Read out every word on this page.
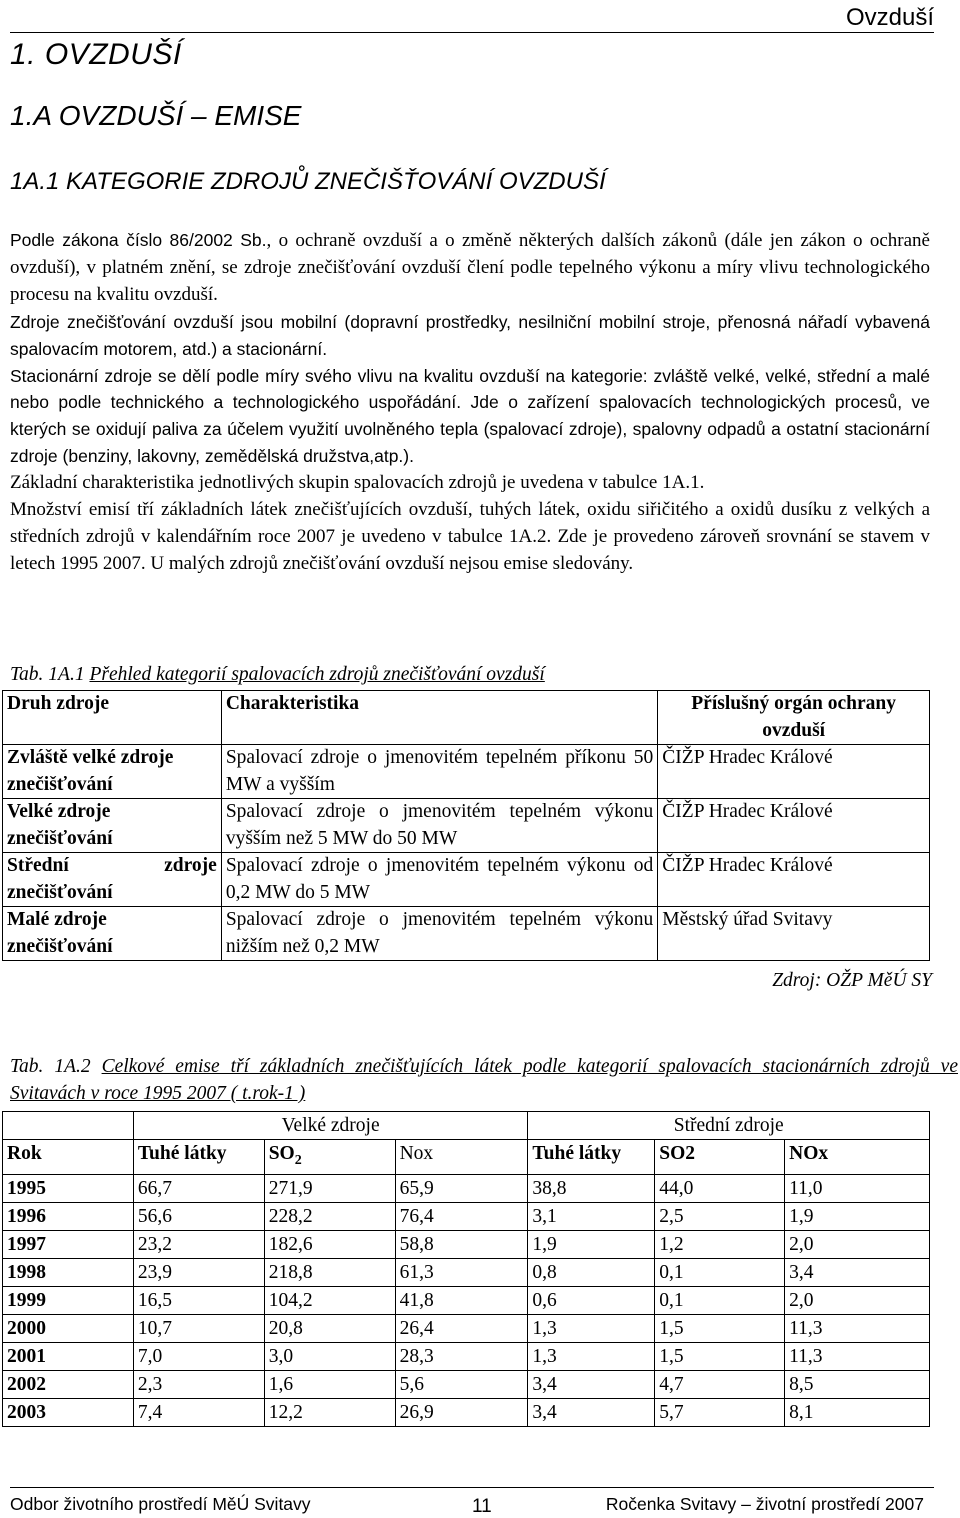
Ovzduší
1. OVZDUŠÍ
1.A OVZDUŠÍ – EMISE
1A.1 KATEGORIE ZDROJŮ ZNEČIŠŤOVÁNÍ OVZDUŠÍ

Podle zákona číslo 86/2002 Sb., o ochraně ovzduší a o změně některých dalších zákonů (dále jen zákon o ochraně ovzduší), v platném znění, se zdroje znečišťování ovzduší člení podle tepelného výkonu a míry vlivu technologického procesu na kvalitu ovzduší.

Zdroje znečišťování ovzduší jsou mobilní (dopravní prostředky, nesilniční mobilní stroje, přenosná nářadí vybavená spalovacím motorem, atd.) a stacionární.

Stacionární zdroje se dělí podle míry svého vlivu na kvalitu ovzduší na kategorie: zvláště velké, velké, střední a malé nebo podle technického a technologického uspořádání. Jde o zařízení spalovacích technologických procesů, ve kterých se oxidují paliva za účelem využití uvolněného tepla (spalovací zdroje), spalovny odpadů a ostatní stacionární zdroje (benziny, lakovny, zemědělská družstva,atp.).

Základní charakteristika jednotlivých skupin spalovacích zdrojů je uvedena v tabulce 1A.1.

Množství emisí tří základních látek znečišťujících ovzduší, tuhých látek, oxidu siřičitého a oxidů dusíku z velkých a středních zdrojů v kalendářním roce 2007 je uvedeno v tabulce 1A.2. Zde je provedeno zároveň srovnání se stavem v letech 1995 2007. U malých zdrojů znečišťování ovzduší nejsou emise sledovány.

Tab. 1A.1 Přehled kategorií spalovacích zdrojů znečišťování ovzduší
Druh zdroje	Charakteristika	Příslušný orgán ochrany ovzduší
Zvláště velké zdroje znečišťování	Spalovací zdroje o jmenovitém tepelném příkonu 50 MW a vyšším	ČIŽP Hradec Králové
Velké zdroje znečišťování	Spalovací zdroje o jmenovitém tepelném výkonu vyšším než 5 MW do 50 MW	ČIŽP Hradec Králové
Střední zdroje znečišťování	Spalovací zdroje o jmenovitém tepelném výkonu od 0,2 MW do 5 MW	ČIŽP Hradec Králové
Malé zdroje znečišťování	Spalovací zdroje o jmenovitém tepelném výkonu nižším než 0,2 MW	Městský úřad Svitavy
Zdroj: OŽP MěÚ SY
Tab. 1A.2 Celkové emise tří základních znečišťujících látek podle kategorií spalovacích stacionárních zdrojů ve Svitavách v roce 1995 2007 ( t.rok-1 )
	Velké zdroje			Střední zdroje		
Rok	Tuhé látky	$SO_2$	Nox	Tuhé látky	SO2	NOx
1995	66,7	271,9	65,9	38,8	44,0	11,0
1996	56,6	228,2	76,4	3,1	2,5	1,9
1997	23,2	182,6	58,8	1,9	1,2	2,0
1998	23,9	218,8	61,3	0,8	0,1	3,4
1999	16,5	104,2	41,8	0,6	0,1	2,0
2000	10,7	20,8	26,4	1,3	1,5	11,3
2001	7,0	3,0	28,3	1,3	1,5	11,3
2002	2,3	1,6	5,6	3,4	4,7	8,5
2003	7,4	12,2	26,9	3,4	5,7	8,1
Odbor životního prostředí MěÚ Svitavy	11	Ročenka Svitavy – životní prostředí 2007
